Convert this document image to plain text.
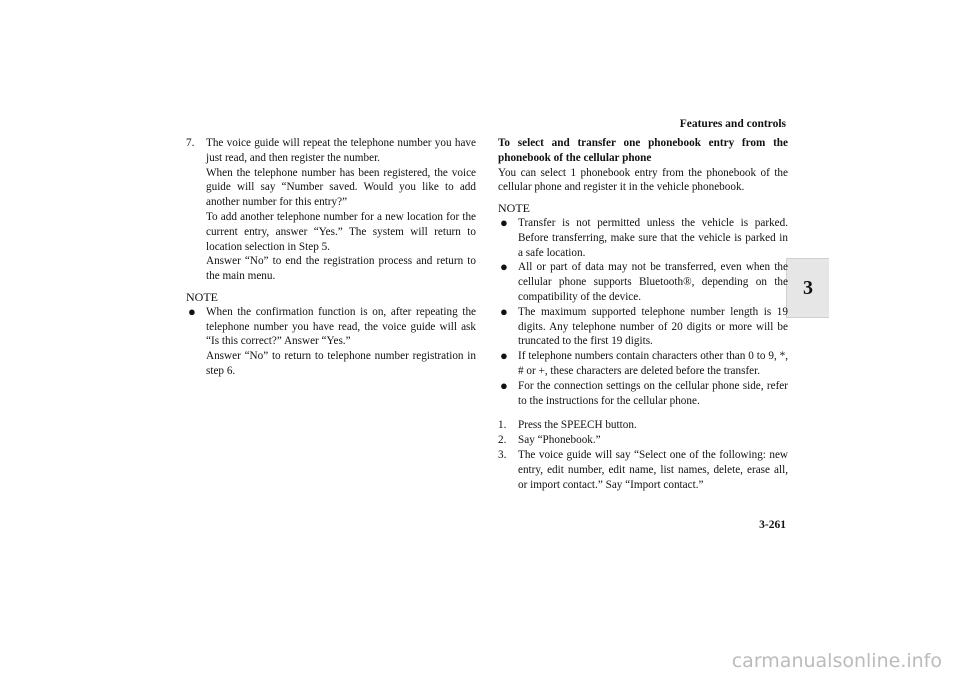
Features and controls
3
7. The voice guide will repeat the telephone number you have just read, and then register the number.

When the telephone number has been registered, the voice guide will say “Number saved. Would you like to add another number for this entry?”

To add another telephone number for a new location for the current entry, answer “Yes.” The system will return to location selection in Step 5.

Answer “No” to end the registration process and return to the main menu.

NOTE
● When the confirmation function is on, after repeating the telephone number you have read, the voice guide will ask “Is this correct?” Answer “Yes.”

Answer “No” to return to telephone number registration in step 6.

To select and transfer one phonebook entry from the phonebook of the cellular phone

You can select 1 phonebook entry from the phonebook of the cellular phone and register it in the vehicle phonebook.

NOTE
● Transfer is not permitted unless the vehicle is parked. Before transferring, make sure that the vehicle is parked in a safe location.

● All or part of data may not be transferred, even when the cellular phone supports Bluetooth®, depending on the compatibility of the device.

● The maximum supported telephone number length is 19 digits. Any telephone number of 20 digits or more will be truncated to the first 19 digits.

● If telephone numbers contain characters other than 0 to 9, *, # or +, these characters are deleted before the transfer.

● For the connection settings on the cellular phone side, refer to the instructions for the cellular phone.

1. Press the SPEECH button.

2. Say “Phonebook.”

3. The voice guide will say “Select one of the following: new entry, edit number, edit name, list names, delete, erase all, or import contact.” Say “Import contact.”

3-261
carmanualsonline.info
